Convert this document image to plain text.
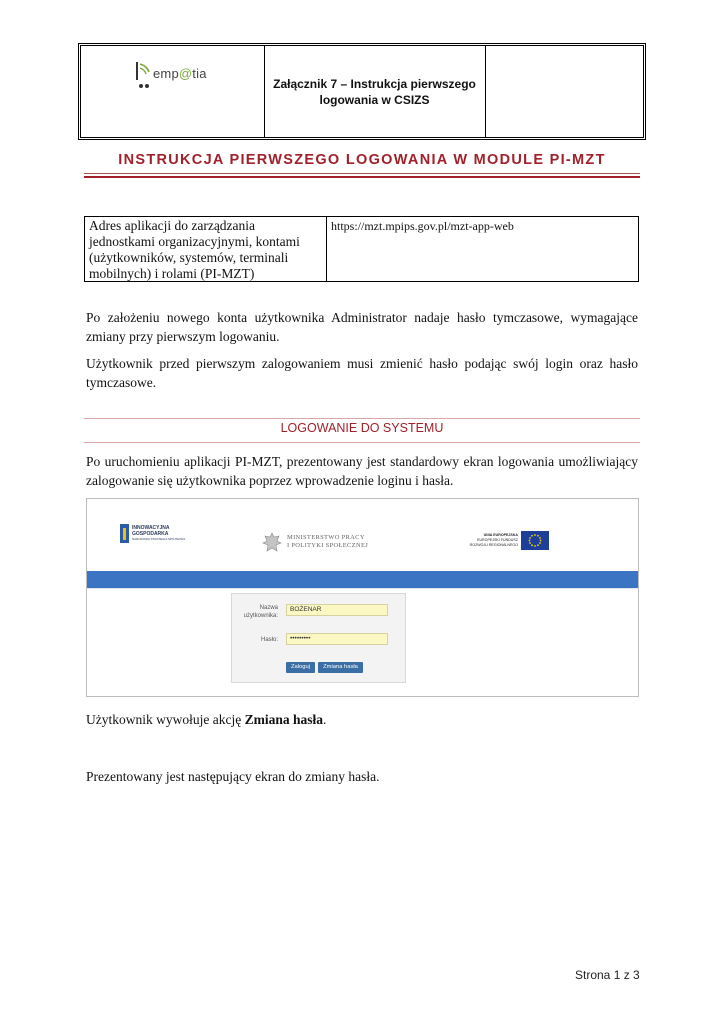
emp@tia
Załącznik 7 – Instrukcja pierwszego logowania w CSIZS
INSTRUKCJA PIERWSZEGO LOGOWANIA W MODULE PI-MZT
Adres aplikacji do zarządzania jednostkami organizacyjnymi, kontami (użytkowników, systemów, terminali mobilnych) i rolami (PI-MZT)
https://mzt.mpips.gov.pl/mzt-app-web
Po założeniu nowego konta użytkownika Administrator nadaje hasło tymczasowe, wymagające zmiany przy pierwszym logowaniu.
Użytkownik przed pierwszym zalogowaniem musi zmienić hasło podając swój login oraz hasło tymczasowe.
LOGOWANIE DO SYSTEMU
Po uruchomieniu aplikacji PI-MZT, prezentowany jest standardowy ekran logowania umożliwiający zalogowanie się użytkownika poprzez wprowadzenie loginu i hasła.
INNOWACYJNA
GOSPODARKA
NARODOWA STRATEGIA SPÓJNOŚCI	MINISTERSTWO PRACY
I POLITYKI SPOŁECZNEJ
UNIA EUROPEJSKA
EUROPEJSKI FUNDUSZ
ROZWOJU REGIONALNEGO
Nazwa
użytkownika:
BOŻENAR
Hasło:	•••••••••
Zaloguj	Zmiana hasła
Użytkownik wywołuje akcję Zmiana hasła.
Prezentowany jest następujący ekran do zmiany hasła.
Strona 1 z 3
